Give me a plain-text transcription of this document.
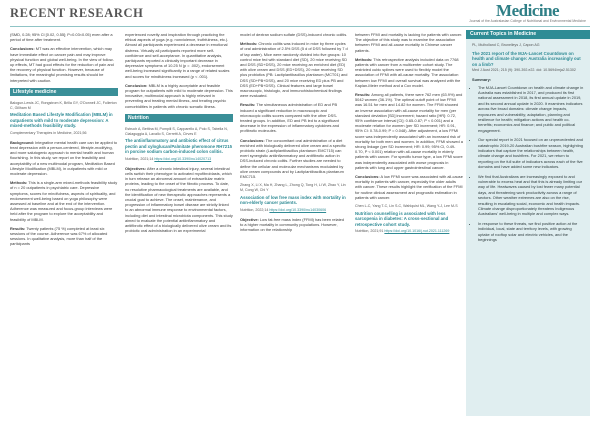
RECENT RESEARCH	Medicine
Journal of the Australasian College of Nutritional and Environmental Medicine

(SMD, 0.28; 95% CI [0.02, 0.55]; P=0.03<0.05) even after a period of time after treatment.

Conclusions: MT was an effective intervention, which may have immediate effect on cancer pain and may improve physical function and global well-being. In the view of follow-up effects, MT had good effects for the reduction of pain and the recovery of physical function. However, because of limitations, the meaningful promising results should be interpreted with caution.

Lifestyle medicine
Balogun-Lewis JC, Rongstrom K, Brilla GY, O'Donnell JC, Fullerton C, Gillham M
Meditation Based Lifestyle Modification (MBLM) in outpatients with mild to moderate depression: A mixed-methods feasibility study.
Complementary Therapies in Medicine, 2021;56

Background: Integrative mental health care can be applied to treat depression with a person-centered, lifestyle-modifying, and more salutogenic approach to mental health and human flourishing. In this study, we report on the feasibility and acceptability of a new multimodal program, Meditation Based Lifestyle Modification (MBLM), in outpatients with mild or moderate depression.

Methods: This is a single-arm mixed-methods feasibility study of n = 20 outpatients in psychiatric care. Depressive symptoms, scores for mindfulness, aspects of spirituality, and endorsement well-being based on yoga philosophy were assessed at baseline and at the end of the intervention. Adherence was measured and focus-group interviews were held after the program to explore the acceptability and feasibility of MBLM.

Results: Twenty patients (75 %) completed at least six sessions of the course. Adherence was 67% of allocated sessions. In qualitative analysis, more than half of the participants

experienced novelty and inspiration through practicing the ethical aspects of yoga (e.g. nonviolence, truthfulness, etc.). Almost all participants experienced a decrease in emotional distress. Virtually all participants reported more self-confidence and self-acceptance. In quantitative analysis, participants reported a clinically important decrease in depressive symptoms of 10.25 N (p = .002), endorsement well-being increased significantly in a range of related scales and scores for mindfulness increased (p < .001).

Conclusion: MBLM is a highly acceptable and feasible program for outpatients with mild to moderate depression. This innovative, multimodal approach is highly relevant in preventing and treating mental illness, and treating psychic comorbidities in patients with chronic somatic illness.

Nutrition
Estruch A, Bettina M, Pompili S, Capparello A, Polo S, Tabella N, Cialaguggia A, Lavallo S, Cerretti A, Cirves E
The antiinflammatory and antibiotic effect of citrus pectin and xyloglucan/Palmitate pheromone RH7215 in porcine sodium carbon-induced colon colitis.
Nutrition, 2021;14 https://doi.org/10.3390/nu14020713

Objectives: After a chronic intestinal injury, several intestinal cells switch their phenotype to activated myofibroblasts, which in turn release an abnormal amount of extracellular matrix proteins, leading to the onset of the fibrotic process. To date, no resolutive pharmacological treatments are available, and the identification of new therapeutic approaches represents a crucial goal to achieve. The onset, maintenance, and progression of inflammatory bowel disease are strictly linked to an abnormal immune response to environmental factors, including diet and intestinal microbiota components. This study aimed to evaluate the potential antiinflammatory and antifibrotic effect of a biologically delivered olive cream and its probiotic oral administration in an experimental

model of dextran sodium sulfate (DSS)-induced chronic colitis.

Methods: Chronic colitis was induced in mice by three cycles of oral administration of 2.5% DSS (5 d of DSS followed by 7 d of tap water). Mice were randomly divided into five groups: 10 control mice fed with standard diet (SD), 20 mice receiving SD and DSS (SD+DSS), 20 mice receiving an enriched diet (ED) with olive cream and DSS (ED+DSS), 20 mice receiving SD plus probiotics (PB: Lactiplantibacillus plantarum (MCT01) and DSS (SD+PB+DSS), and 20 mice receiving ED plus PB and DSS (ED+PB+DSS). Clinical features and large bowel macroscopic, histologic, and immunohistochemical findings were evaluated.

Results: The simultaneous administration of ED and PB induced a significant reduction in macroscopic and microscopic colitis scores compared with the other DSS-treated groups. In addition, ED and PB led to a significant decrease in the expression of inflammatory cytokines and profibrotic molecules.

Conclusions: The concomitant oral administration of a diet enriched with biologically delivered olive cream and a specific probiotic strain (Lactiplantibacillus plantarum EMC715) can exert synergistic antiinflammatory and antifibrotic action in DSS-induced chronic colitis. Further studies are needed to define the cellular and molecular mechanisms modulated by olive cream compounds and by Lactiplantibacillus plantarum EMC715.

Zhang X, Li X, Ma H, Zhang L, Zhong Q, Tong H, Li W, Zhao Y, Lin M, Cong W, Chi Y
Association of low free mass index with mortality in non-elderly cancer patients.
Nutrition, 2022;14 https://doi.org/10.3390/nu14030606

Objective: Low fat-free mass index (FFMI) has been related to a higher mortality in community populations. However, information on the relationship

between FFMI and mortality is lacking for patients with cancer. The objective of this study was to examine the association between FFMI and all-cause mortality in Chinese cancer patients.

Methods: This retrospective analysis included data on 7768 patients with cancer from a multicenter cohort study. The restricted cubic splines were used to flexibly model the association of FFMI with all-cause mortality. The association between low FFMI and overall survival was analyzed with the Kaplan-Meier method and a Cox model.

Results: Among all patients, there were 762 men (63.9%) and 5042 women (36.1%). The optimal cutoff point of low FFMI was 16.51 for men and 14.82 for women. The FFMI showed an inverse association with all-cause mortality for men (per standard deviation [SD] increment; hazard ratio [HR]: 0.72, 95% confidence interval [CI]: 0.65-0.87; P < 0.001) and a moderate relation for women (per SD increment; HR: 0.91, 95% CI: 0.78-0.99; P = 0.048). After adjustment, a low FFMI score was independently associated with an increased risk of mortality for both men and women. In addition, FFMI showed a strong linkage (per SD increment; HR: 0.99; 95% CI, 0.49-0.70, P < 0.001) relation with all-cause mortality in elderly patients with cancer. For specific tumor type, a low FFMI score was independently associated with worse prognosis in patients with lung and upper gastrointestinal cancer.

Conclusions: A low FFMI score was associated with all-cause mortality in patients with cancer, especially the older adults with cancer. These results highlight the verification of the FFMI for routine clinical assessment and prognostic estimation in patients with cancer.

Chen L-C, Yang T-C, Lin S-C, Wahlquist ML, Wang Y-J, Lee M-S
Nutrition counselling is associated with less sarcopenia in diabetes: A cross-sectional and retrospective cohort study.
Nutrition, 2021;91 https://doi.org/10.1016/j.nut.2021.111269
Current Topics in Medicine
PL, Mulholland C, Brunelleys J, Capon AG
The 2021 report of the MJA-Lancet Countdown on health and climate change: Australia increasingly out on a limb?
Med J Aust 2021; 215 (9): 390-392.e22. doi: 10.5694/mja2.51302
Summary:
• The MJA-Lancet Countdown on health and climate change in Australia was established in 2017, and produced its first national assessment in 2018, its first annual update in 2019, and its second annual update in 2020. It examines indicators across five broad domains: climate change impacts, exposures and vulnerability; adaptation, planning and resilience for health; mitigation actions and health co-benefits; economics and finance; and public and political engagement.
• Our special report in 2021 focused on an unprecedented and catastrophic 2019-20 Australian bushfire season, highlighting indicators that capture the relationships between health, climate change and bushfires. For 2021, we return to reporting on the full suite of indicators across each of the five domains and have added some new indicators.
• We find that Australians are increasingly exposed to and vulnerable to excess heat and that this is already limiting our way of life. Heatwaves caused by lost fewer many potential days, and threatening work productivity across a range of sectors. Other weather extremes are also on the rise, resulting in escalating social, economic and health impacts. Climate change disproportionately threatens Indigenous Australians' well-being in multiple and complex ways.
• In response to these threats, we find positive action at the individual, local, state and territory levels, with growing uptake of rooftop solar and electric vehicles, and the beginnings
